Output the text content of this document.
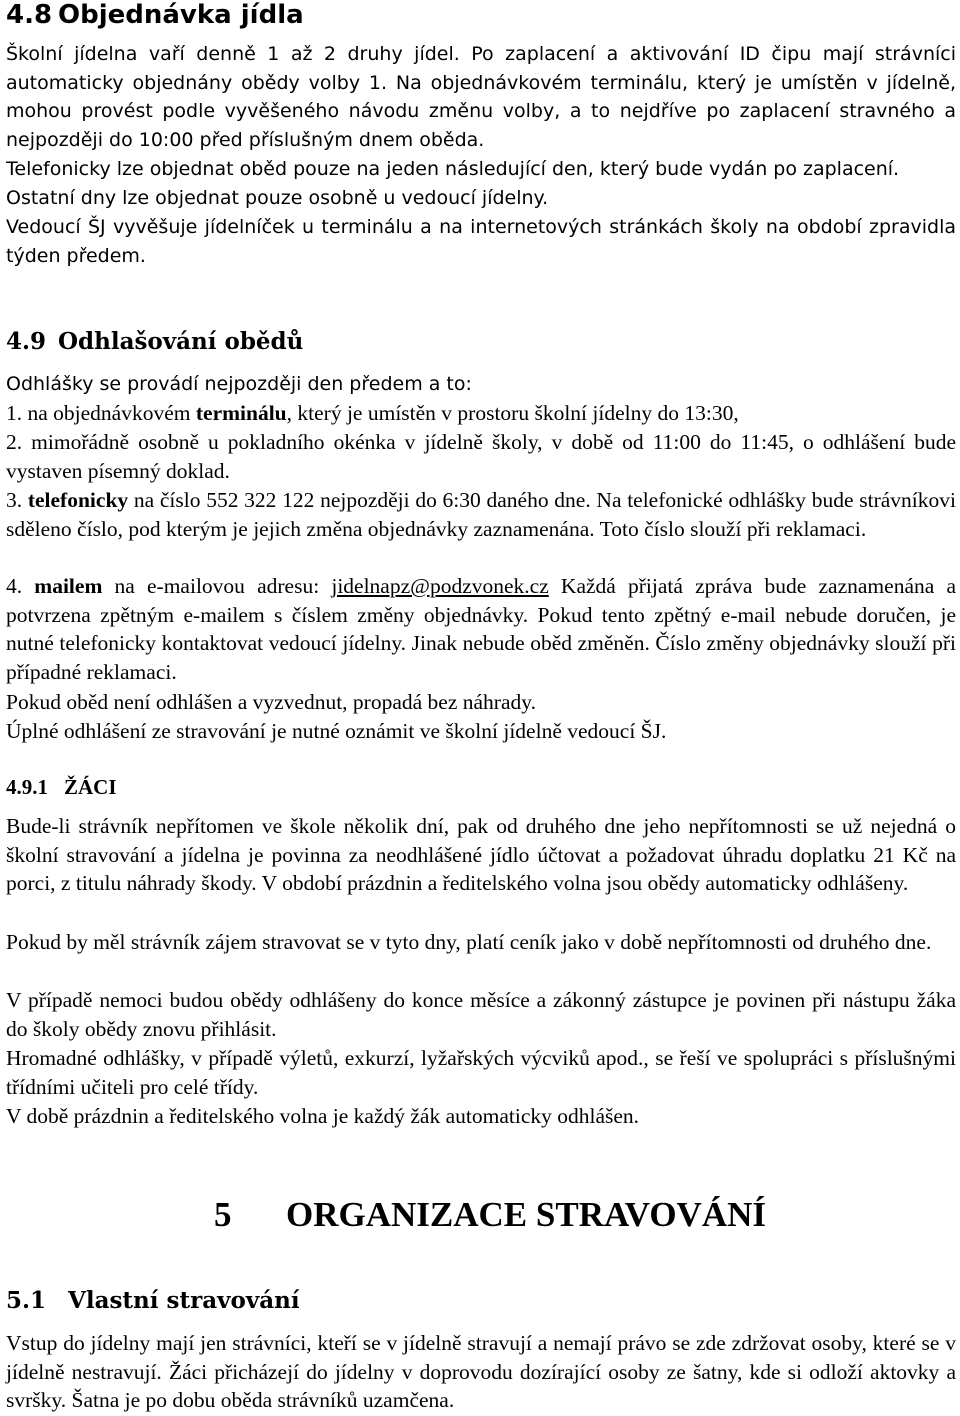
4.8 Objednávka jídla

Školní jídelna vaří denně 1 až 2 druhy jídel. Po zaplacení a aktivování ID čipu mají strávníci automaticky objednány obědy volby 1. Na objednávkovém terminálu, který je umístěn v jídelně, mohou provést podle vyvěšeného návodu změnu volby, a to nejdříve po zaplacení stravného a nejpozději do 10:00 před příslušným dnem oběda.

Telefonicky lze objednat oběd pouze na jeden následující den, který bude vydán po zaplacení.

Ostatní dny lze objednat pouze osobně u vedoucí jídelny.

Vedoucí ŠJ vyvěšuje jídelníček u terminálu a na internetových stránkách školy na období zpravidla týden předem.

4.9 Odhlašování obědů

Odhlášky se provádí nejpozději den předem a to:

1. na objednávkovém terminálu, který je umístěn v prostoru školní jídelny do 13:30,

2. mimořádně osobně u pokladního okénka v jídelně školy, v době od 11:00 do 11:45, o odhlášení bude vystaven písemný doklad.

3. telefonicky na číslo 552 322 122 nejpozději do 6:30 daného dne. Na telefonické odhlášky bude strávníkovi sděleno číslo, pod kterým je jejich změna objednávky zaznamenána. Toto číslo slouží při reklamaci.

4. mailem na e-mailovou adresu: jidelnapz@podzvonek.cz Každá přijatá zpráva bude zaznamenána a potvrzena zpětným e-mailem s číslem změny objednávky. Pokud tento zpětný e-mail nebude doručen, je nutné telefonicky kontaktovat vedoucí jídelny. Jinak nebude oběd změněn. Číslo změny objednávky slouží při případné reklamaci.

Pokud oběd není odhlášen a vyzvednut, propadá bez náhrady.

Úplné odhlášení ze stravování je nutné oznámit ve školní jídelně vedoucí ŠJ.

4.9.1 ŽÁCI

Bude-li strávník nepřítomen ve škole několik dní, pak od druhého dne jeho nepřítomnosti se už nejedná o školní stravování a jídelna je povinna za neodhlášené jídlo účtovat a požadovat úhradu doplatku 21 Kč na porci, z titulu náhrady škody. V období prázdnin a ředitelského volna jsou obědy automaticky odhlášeny.

Pokud by měl strávník zájem stravovat se v tyto dny, platí ceník jako v době nepřítomnosti od druhého dne.

V případě nemoci budou obědy odhlášeny do konce měsíce a zákonný zástupce je povinen při nástupu žáka do školy obědy znovu přihlásit.

Hromadné odhlášky, v případě výletů, exkurzí, lyžařských výcviků apod., se řeší ve spolupráci s příslušnými třídními učiteli pro celé třídy.

V době prázdnin a ředitelského volna je každý žák automaticky odhlášen.

5 ORGANIZACE STRAVOVÁNÍ
5.1 Vlastní stravování

Vstup do jídelny mají jen strávníci, kteří se v jídelně stravují a nemají právo se zde zdržovat osoby, které se v jídelně nestravují. Žáci přicházejí do jídelny v doprovodu dozírající osoby ze šatny, kde si odloží aktovky a svršky. Šatna je po dobu oběda strávníků uzamčena.
